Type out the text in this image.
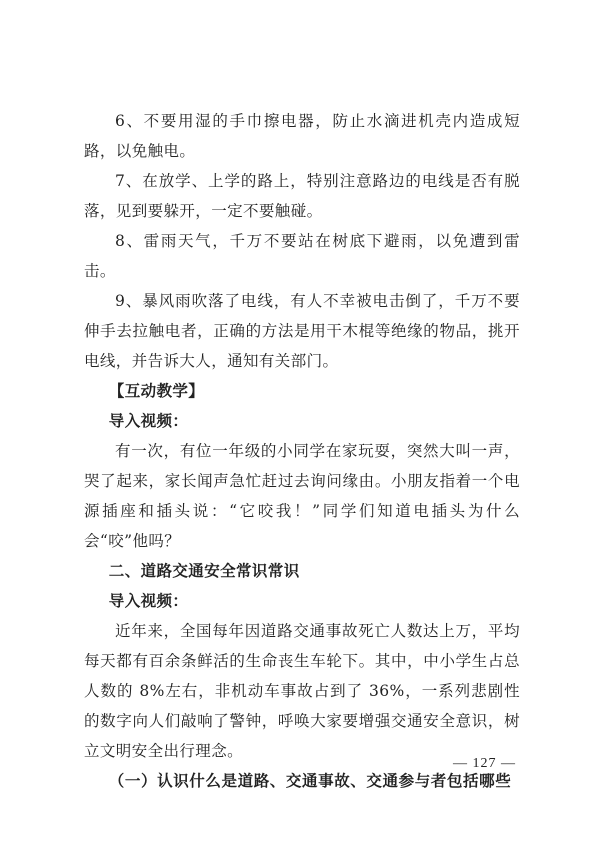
6、不要用湿的手巾擦电器，防止水滴进机壳内造成短路，以免触电。

7、在放学、上学的路上，特别注意路边的电线是否有脱落，见到要躲开，一定不要触碰。

8、雷雨天气，千万不要站在树底下避雨，以免遭到雷击。

9、暴风雨吹落了电线，有人不幸被电击倒了，千万不要伸手去拉触电者，正确的方法是用干木棍等绝缘的物品，挑开电线，并告诉大人，通知有关部门。

【互动教学】

导入视频：

有一次，有位一年级的小同学在家玩耍，突然大叫一声，哭了起来，家长闻声急忙赶过去询问缘由。小朋友指着一个电源插座和插头说：“它咬我！”同学们知道电插头为什么会“咬”他吗？

二、道路交通安全常识常识

导入视频：

近年来，全国每年因道路交通事故死亡人数达上万，平均每天都有百余条鲜活的生命丧生车轮下。其中，中小学生占总人数的 8%左右，非机动车事故占到了 36%，一系列悲剧性的数字向人们敲响了警钟，呼唤大家要增强交通安全意识，树立文明安全出行理念。

（一）认识什么是道路、交通事故、交通参与者包括哪些

— 127 —
